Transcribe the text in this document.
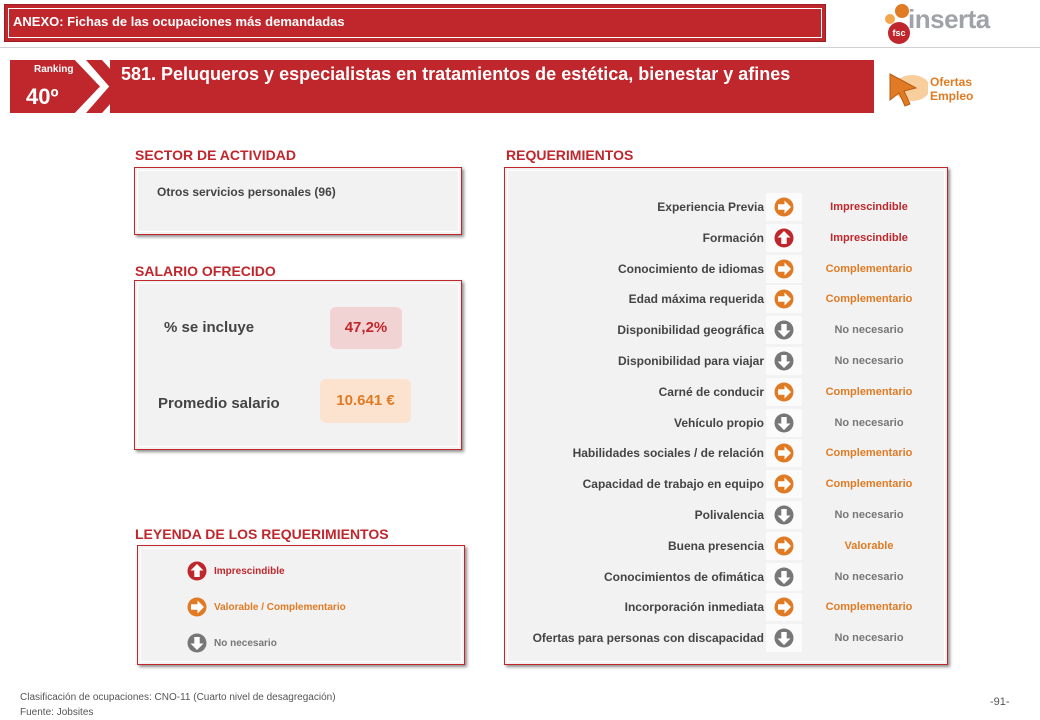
ANEXO: Fichas de las ocupaciones más demandadas
fsc inserta
Ranking
40º
581. Peluqueros y especialistas en tratamientos de estética, bienestar y afines	Ofertas
Empleo
SECTOR DE ACTIVIDAD
Otros servicios personales (96)
SALARIO OFRECIDO
% se incluye	47,2%
Promedio salario	10.641 €
LEYENDA DE LOS REQUERIMIENTOS
Imprescindible
Valorable / Complementario
No necesario
REQUERIMIENTOS
Experiencia Previa	Imprescindible
Formación	Imprescindible
Conocimiento de idiomas	Complementario
Edad máxima requerida	Complementario
Disponibilidad geográfica	No necesario
Disponibilidad para viajar	No necesario
Carné de conducir	Complementario
Vehículo propio	No necesario
Habilidades sociales / de relación	Complementario
Capacidad de trabajo en equipo	Complementario
Polivalencia	No necesario
Buena presencia	Valorable
Conocimientos de ofimática	No necesario
Incorporación inmediata	Complementario
Ofertas para personas con discapacidad	No necesario
Clasificación de ocupaciones: CNO-11 (Cuarto nivel de desagregación)
Fuente: Jobsites
-91-
